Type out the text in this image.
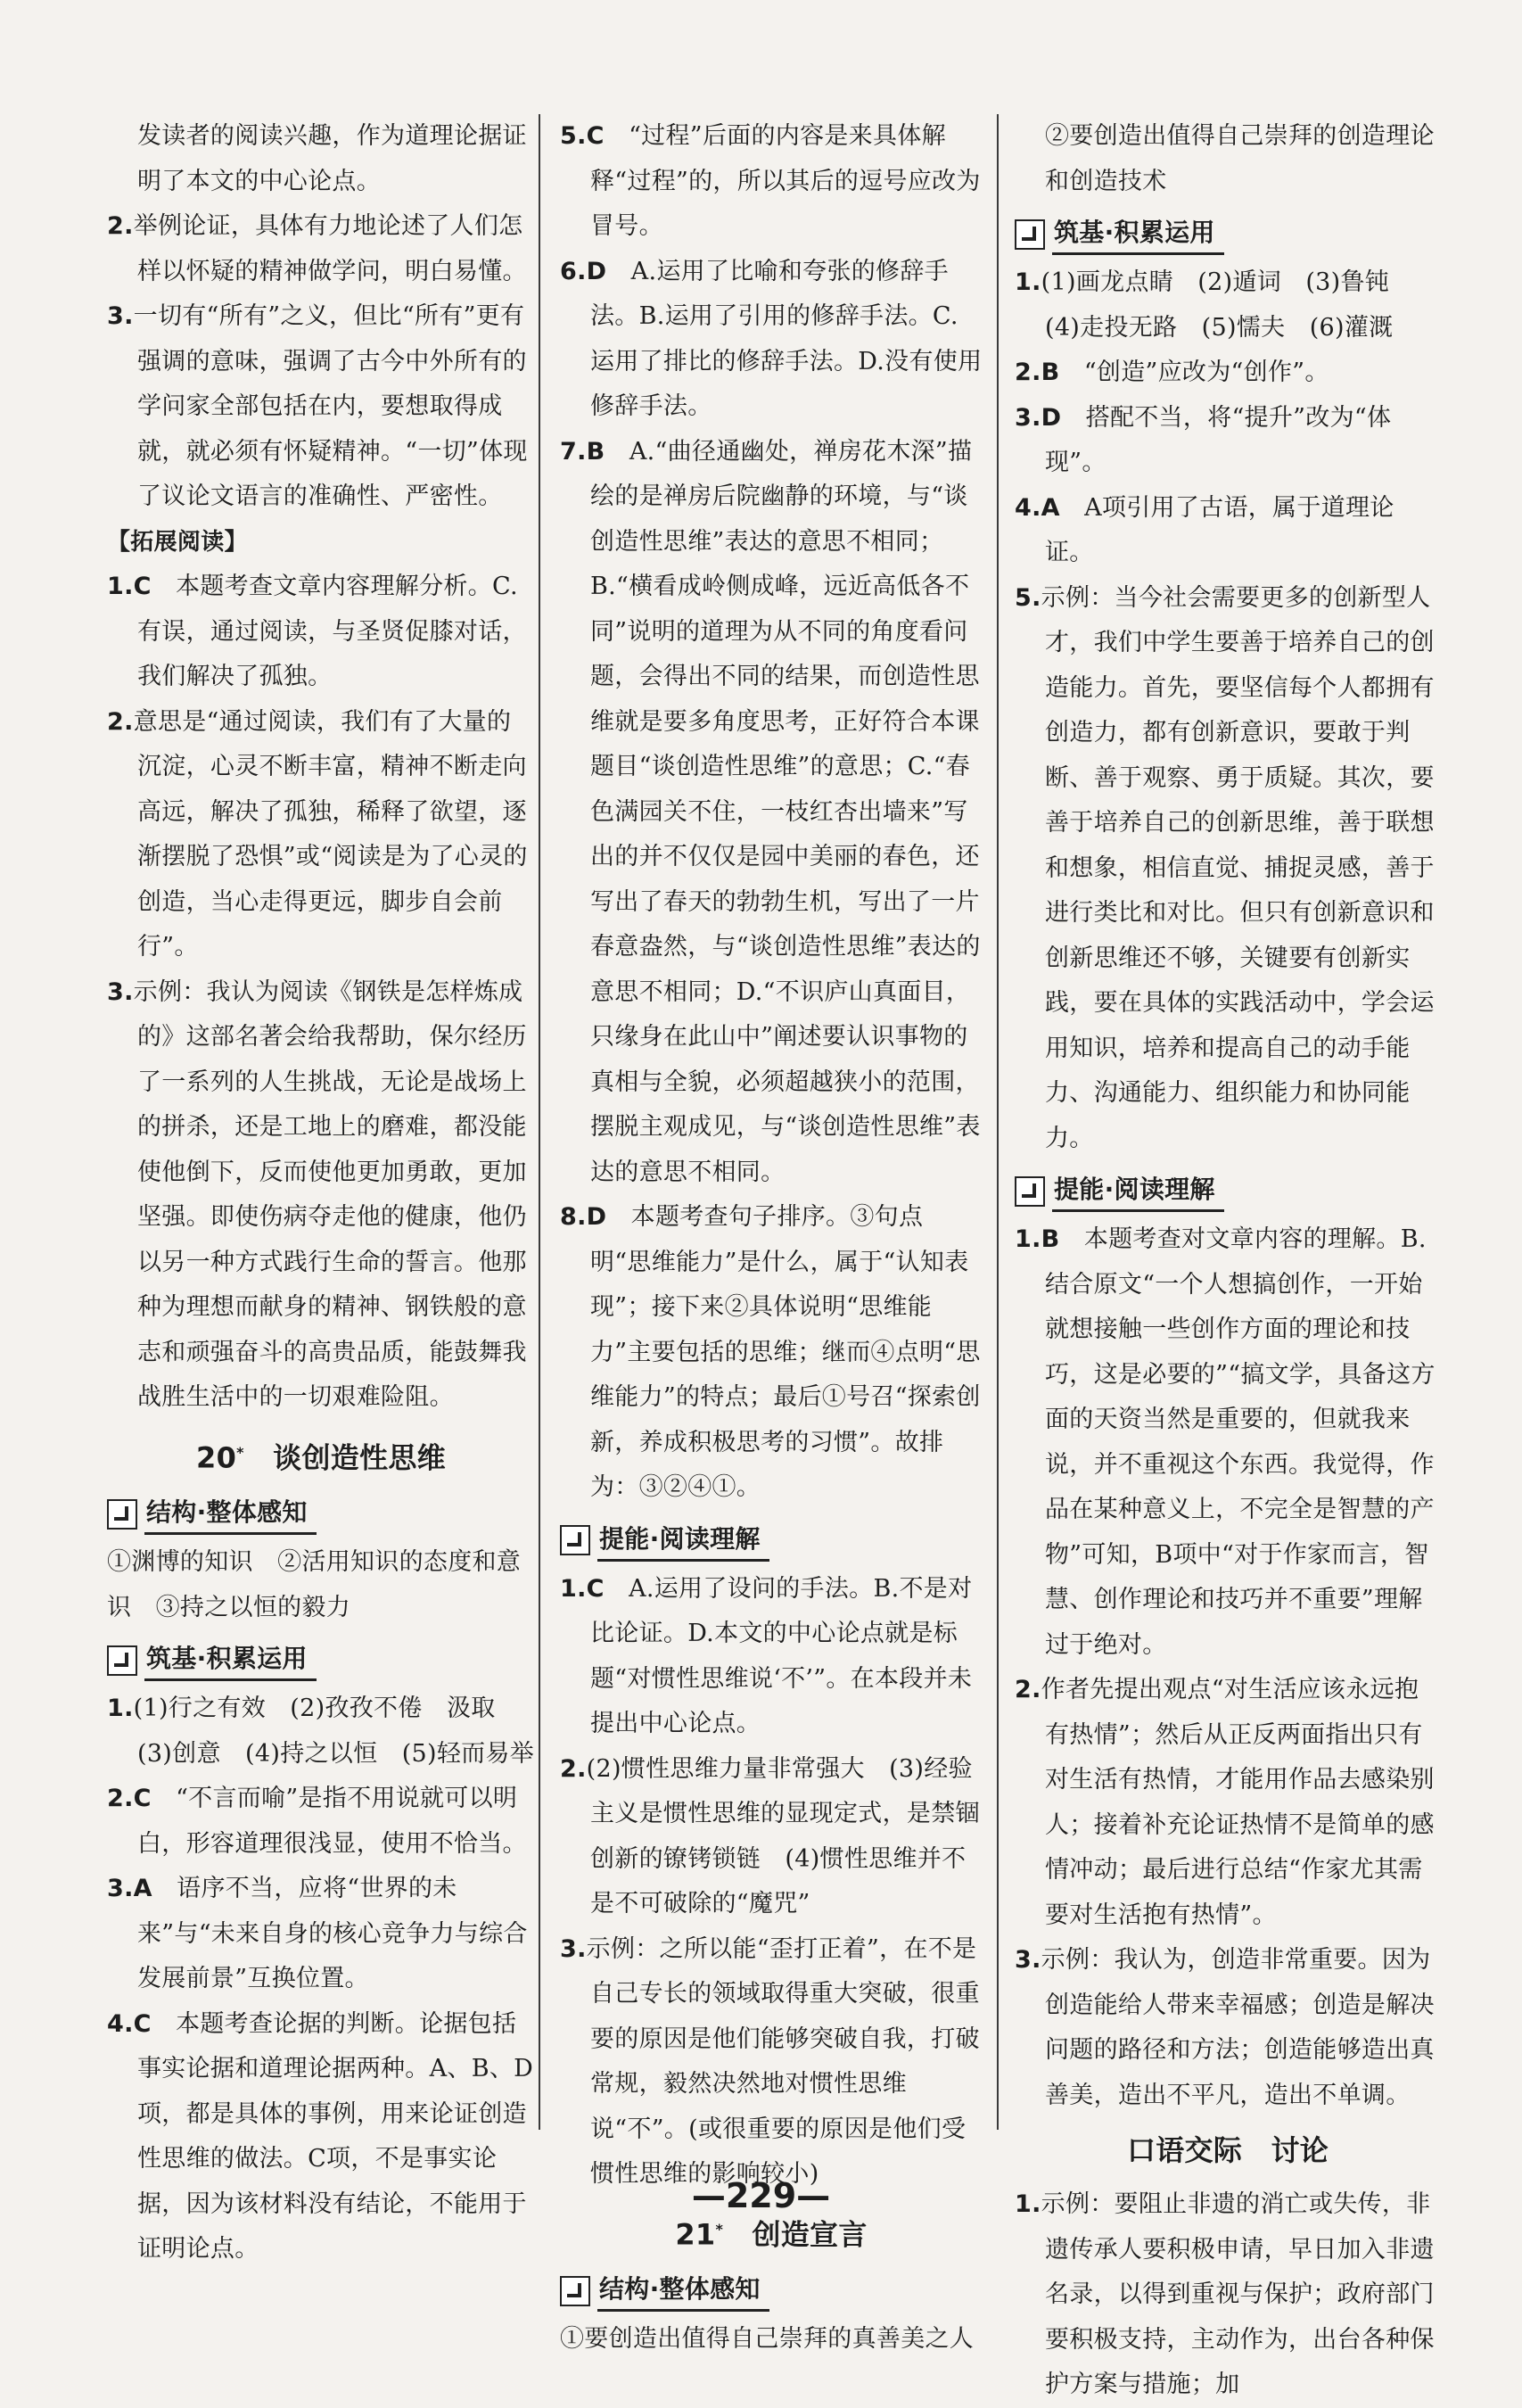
发读者的阅读兴趣，作为道理论据证明了本文的中心论点。

2.举例论证，具体有力地论述了人们怎样以怀疑的精神做学问，明白易懂。

3.一切有“所有”之义，但比“所有”更有强调的意味，强调了古今中外所有的学问家全部包括在内，要想取得成就，就必须有怀疑精神。“一切”体现了议论文语言的准确性、严密性。

【拓展阅读】

1.C　本题考查文章内容理解分析。C.有误，通过阅读，与圣贤促膝对话，我们解决了孤独。

2.意思是“通过阅读，我们有了大量的沉淀，心灵不断丰富，精神不断走向高远，解决了孤独，稀释了欲望，逐渐摆脱了恐惧”或“阅读是为了心灵的创造，当心走得更远，脚步自会前行”。

3.示例：我认为阅读《钢铁是怎样炼成的》这部名著会给我帮助，保尔经历了一系列的人生挑战，无论是战场上的拼杀，还是工地上的磨难，都没能使他倒下，反而使他更加勇敢，更加坚强。即使伤病夺走他的健康，他仍以另一种方式践行生命的誓言。他那种为理想而献身的精神、钢铁般的意志和顽强奋斗的高贵品质，能鼓舞我战胜生活中的一切艰难险阻。

20*　 谈创造性思维
结构·整体感知

①渊博的知识　②活用知识的态度和意识　③持之以恒的毅力

筑基·积累运用

1.(1)行之有效　(2)孜孜不倦　汲取　(3)创意　(4)持之以恒　(5)轻而易举

2.C　“不言而喻”是指不用说就可以明白，形容道理很浅显，使用不恰当。

3.A　语序不当，应将“世界的未来”与“未来自身的核心竞争力与综合发展前景”互换位置。

4.C　本题考查论据的判断。论据包括事实论据和道理论据两种。A、B、D项，都是具体的事例，用来论证创造性思维的做法。C项，不是事实论据，因为该材料没有结论，不能用于证明论点。

5.C　“过程”后面的内容是来具体解释“过程”的，所以其后的逗号应改为冒号。

6.D　A.运用了比喻和夸张的修辞手法。B.运用了引用的修辞手法。C.运用了排比的修辞手法。D.没有使用修辞手法。

7.B　A.“曲径通幽处，禅房花木深”描绘的是禅房后院幽静的环境，与“谈创造性思维”表达的意思不相同；B.“横看成岭侧成峰，远近高低各不同”说明的道理为从不同的角度看问题，会得出不同的结果，而创造性思维就是要多角度思考，正好符合本课题目“谈创造性思维”的意思；C.“春色满园关不住，一枝红杏出墙来”写出的并不仅仅是园中美丽的春色，还写出了春天的勃勃生机，写出了一片春意盎然，与“谈创造性思维”表达的意思不相同；D.“不识庐山真面目，只缘身在此山中”阐述要认识事物的真相与全貌，必须超越狭小的范围，摆脱主观成见，与“谈创造性思维”表达的意思不相同。

8.D　本题考查句子排序。③句点明“思维能力”是什么，属于“认知表现”；接下来②具体说明“思维能力”主要包括的思维；继而④点明“思维能力”的特点；最后①号召“探索创新，养成积极思考的习惯”。故排为：③②④①。

提能·阅读理解

1.C　A.运用了设问的手法。B.不是对比论证。D.本文的中心论点就是标题“对惯性思维说‘不’”。在本段并未提出中心论点。

2.(2)惯性思维力量非常强大　(3)经验主义是惯性思维的显现定式，是禁锢创新的镣铐锁链　(4)惯性思维并不是不可破除的“魔咒”

3.示例：之所以能“歪打正着”，在不是自己专长的领域取得重大突破，很重要的原因是他们能够突破自我，打破常规，毅然决然地对惯性思维说“不”。(或很重要的原因是他们受惯性思维的影响较小)

21*　 创造宣言
结构·整体感知

①要创造出值得自己崇拜的真善美之人

②要创造出值得自己崇拜的创造理论和创造技术

筑基·积累运用

1.(1)画龙点睛　(2)遁词　(3)鲁钝　(4)走投无路　(5)懦夫　(6)灌溉

2.B　“创造”应改为“创作”。

3.D　搭配不当，将“提升”改为“体现”。

4.A　A项引用了古语，属于道理论证。

5.示例：当今社会需要更多的创新型人才，我们中学生要善于培养自己的创造能力。首先，要坚信每个人都拥有创造力，都有创新意识，要敢于判断、善于观察、勇于质疑。其次，要善于培养自己的创新思维，善于联想和想象，相信直觉、捕捉灵感，善于进行类比和对比。但只有创新意识和创新思维还不够，关键要有创新实践，要在具体的实践活动中，学会运用知识，培养和提高自己的动手能力、沟通能力、组织能力和协同能力。

提能·阅读理解

1.B　本题考查对文章内容的理解。B.结合原文“一个人想搞创作，一开始就想接触一些创作方面的理论和技巧，这是必要的”“搞文学，具备这方面的天资当然是重要的，但就我来说，并不重视这个东西。我觉得，作品在某种意义上，不完全是智慧的产物”可知，B项中“对于作家而言，智慧、创作理论和技巧并不重要”理解过于绝对。

2.作者先提出观点“对生活应该永远抱有热情”；然后从正反两面指出只有对生活有热情，才能用作品去感染别人；接着补充论证热情不是简单的感情冲动；最后进行总结“作家尤其需要对生活抱有热情”。

3.示例：我认为，创造非常重要。因为创造能给人带来幸福感；创造是解决问题的路径和方法；创造能够造出真善美，造出不平凡，造出不单调。

口语交际　讨论

1.示例：要阻止非遗的消亡或失传，非遗传承人要积极申请，早日加入非遗名录，以得到重视与保护；政府部门要积极支持，主动作为，出台各种保护方案与措施；加

—229—
